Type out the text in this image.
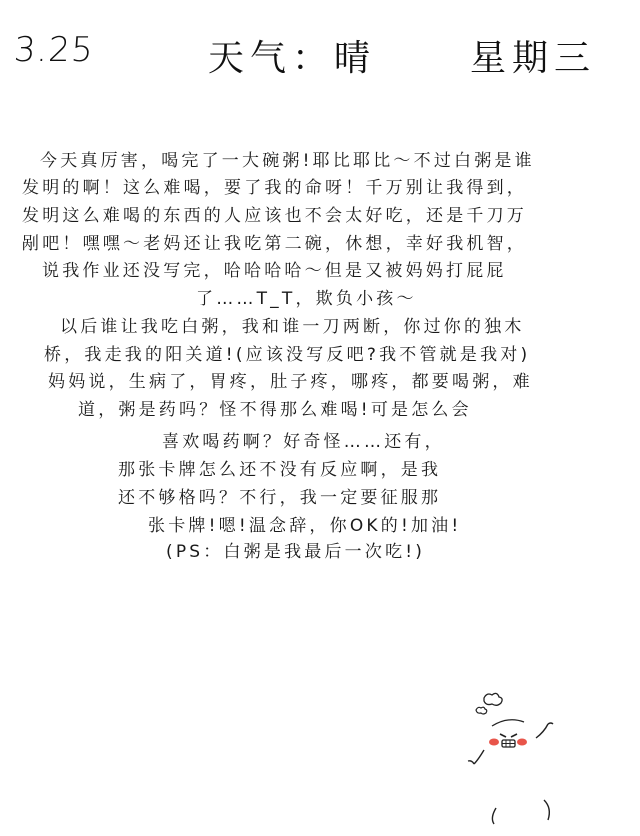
3.25	天气：晴	星期三
今天真厉害，喝完了一大碗粥!耶比耶比～不过白粥是谁
发明的啊！这么难喝，要了我的命呀！千万别让我得到，
发明这么难喝的东西的人应该也不会太好吃，还是千刀万
剐吧！嘿嘿～老妈还让我吃第二碗，休想，幸好我机智，
说我作业还没写完，哈哈哈哈～但是又被妈妈打屁屁
了……T_T，欺负小孩～
以后谁让我吃白粥，我和谁一刀两断，你过你的独木
桥，我走我的阳关道!(应该没写反吧?我不管就是我对)
妈妈说，生病了，胃疼，肚子疼，哪疼，都要喝粥，难
道，粥是药吗？怪不得那么难喝!可是怎么会
喜欢喝药啊？好奇怪……还有，
那张卡牌怎么还不没有反应啊，是我
还不够格吗？不行，我一定要征服那
张卡牌!嗯!温念辞，你OK的!加油!
(PS：白粥是我最后一次吃!)
